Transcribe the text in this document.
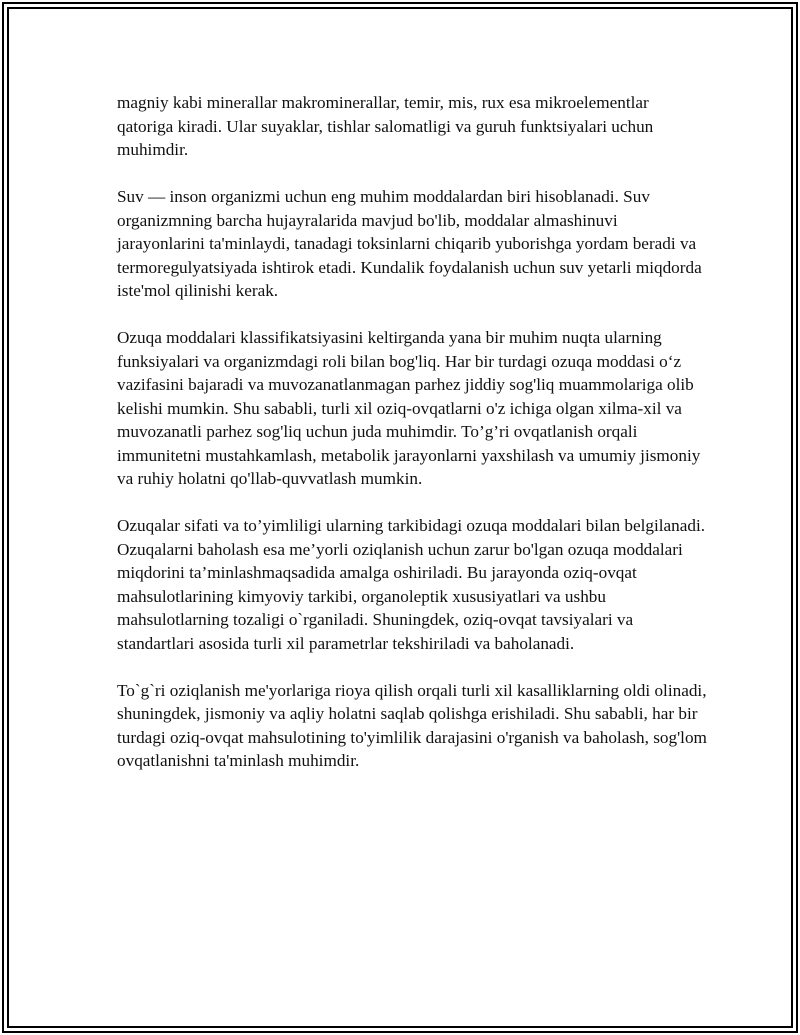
magniy kabi minerallar makrominerallar, temir, mis, rux esa mikroelementlar qatoriga kiradi. Ular suyaklar, tishlar salomatligi va guruh funktsiyalari uchun muhimdir.

Suv — inson organizmi uchun eng muhim moddalardan biri hisoblanadi. Suv organizmning barcha hujayralarida mavjud bo'lib, moddalar almashinuvi jarayonlarini ta'minlaydi, tanadagi toksinlarni chiqarib yuborishga yordam beradi va termoregulyatsiyada ishtirok etadi. Kundalik foydalanish uchun suv yetarli miqdorda iste'mol qilinishi kerak.

Ozuqa moddalari klassifikatsiyasini keltirganda yana bir muhim nuqta ularning funksiyalari va organizmdagi roli bilan bog'liq. Har bir turdagi ozuqa moddasi o‘z vazifasini bajaradi va muvozanatlanmagan parhez jiddiy sog'liq muammolariga olib kelishi mumkin. Shu sababli, turli xil oziq-ovqatlarni o'z ichiga olgan xilma-xil va muvozanatli parhez sog'liq uchun juda muhimdir. To’g’ri ovqatlanish orqali immunitetni mustahkamlash, metabolik jarayonlarni yaxshilash va umumiy jismoniy va ruhiy holatni qo'llab-quvvatlash mumkin.

Ozuqalar sifati va to’yimliligi ularning tarkibidagi ozuqa moddalari bilan belgilanadi. Ozuqalarni baholash esa me’yorli oziqlanish uchun zarur bo'lgan ozuqa moddalari miqdorini ta’minlashmaqsadida amalga oshiriladi. Bu jarayonda oziq-ovqat mahsulotlarining kimyoviy tarkibi, organoleptik xususiyatlari va ushbu mahsulotlarning tozaligi o`rganiladi. Shuningdek, oziq-ovqat tavsiyalari va standartlari asosida turli xil parametrlar tekshiriladi va baholanadi.

To`g`ri oziqlanish me'yorlariga rioya qilish orqali turli xil kasalliklarning oldi olinadi, shuningdek, jismoniy va aqliy holatni saqlab qolishga erishiladi. Shu sababli, har bir turdagi oziq-ovqat mahsulotining to'yimlilik darajasini o'rganish va baholash, sog'lom ovqatlanishni ta'minlash muhimdir.
